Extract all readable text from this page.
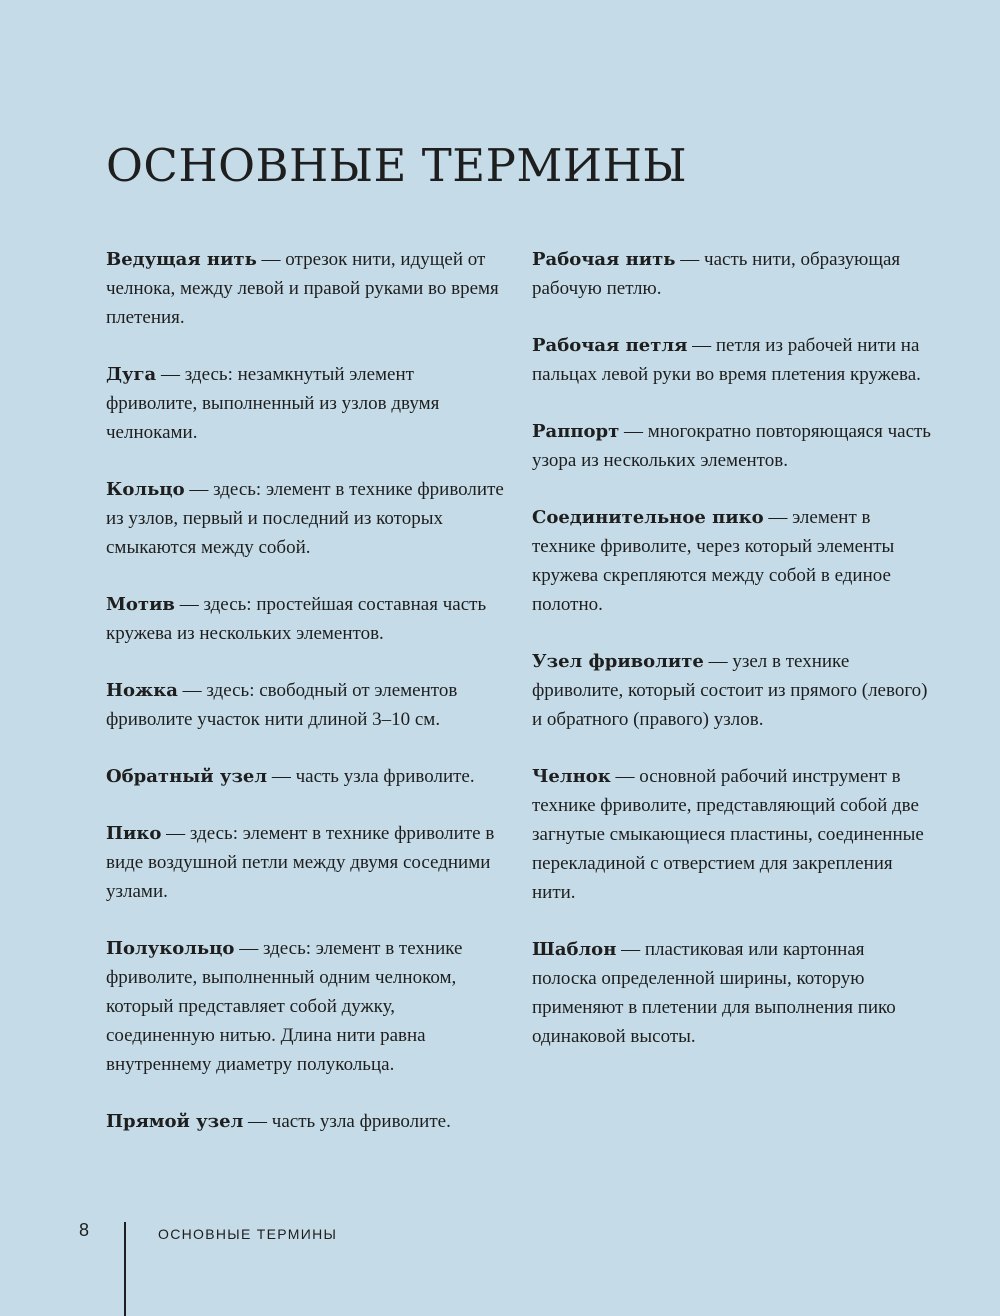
ОСНОВНЫЕ ТЕРМИНЫ

Ведущая нить — отрезок нити, идущей от челнока, между левой и правой руками во время плетения.

Дуга — здесь: незамкнутый элемент фриволите, выполненный из узлов двумя челноками.

Кольцо — здесь: элемент в технике фриволите из узлов, первый и последний из которых смыкаются между собой.

Мотив — здесь: простейшая составная часть кружева из нескольких элементов.

Ножка — здесь: свободный от элементов фриволите участок нити длиной 3–10 см.

Обратный узел — часть узла фриволите.

Пико — здесь: элемент в технике фриволите в виде воздушной петли между двумя соседними узлами.

Полукольцо — здесь: элемент в технике фриволите, выполненный одним челноком, который представляет собой дужку, соединенную нитью. Длина нити равна внутреннему диаметру полукольца.

Прямой узел — часть узла фриволите.

Рабочая нить — часть нити, образующая рабочую петлю.

Рабочая петля — петля из рабочей нити на пальцах левой руки во время плетения кружева.

Раппорт — многократно повторяющаяся часть узора из нескольких элементов.

Соединительное пико — элемент в технике фриволите, через который элементы кружева скрепляются между собой в единое полотно.

Узел фриволите — узел в технике фриволите, который состоит из прямого (левого) и обратного (правого) узлов.

Челнок — основной рабочий инструмент в технике фриволите, представляющий собой две загнутые смыкающиеся пластины, соединенные перекладиной с отверстием для закрепления нити.

Шаблон — пластиковая или картонная полоска определенной ширины, которую применяют в плетении для выполнения пико одинаковой высоты.

8	ОСНОВНЫЕ ТЕРМИНЫ
